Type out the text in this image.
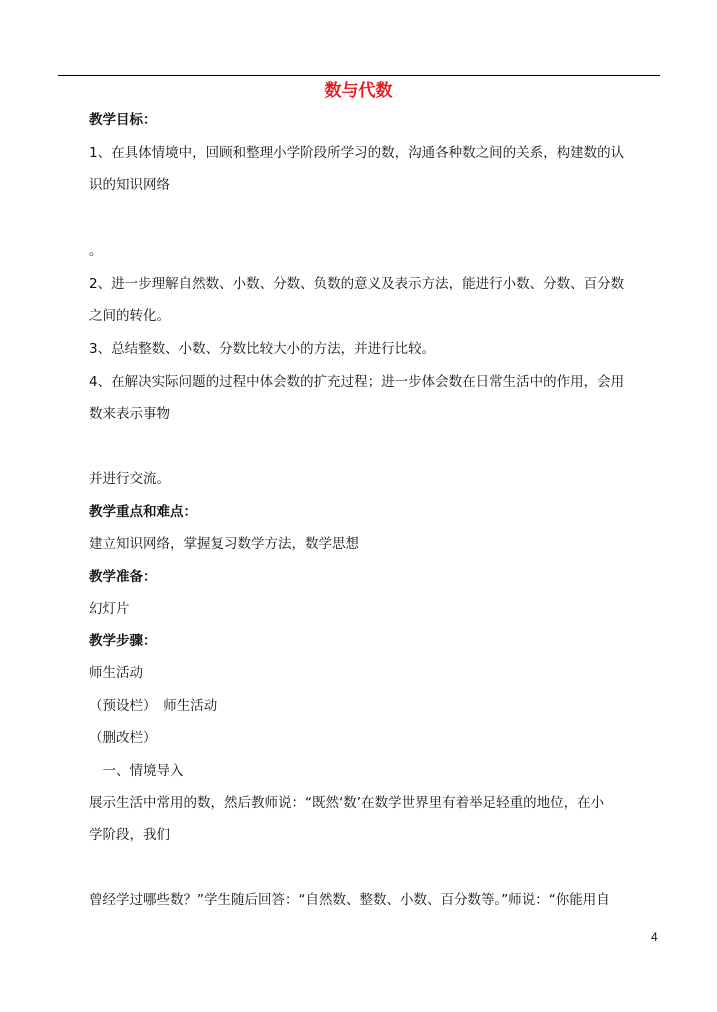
数与代数
教学目标：
1、在具体情境中，回顾和整理小学阶段所学习的数，沟通各种数之间的关系，构建数的认
识的知识网络
。
2、进一步理解自然数、小数、分数、负数的意义及表示方法，能进行小数、分数、百分数
之间的转化。
3、总结整数、小数、分数比较大小的方法，并进行比较。
4、在解决实际问题的过程中体会数的扩充过程；进一步体会数在日常生活中的作用，会用
数来表示事物
并进行交流。
教学重点和难点：
建立知识网络，掌握复习数学方法，数学思想
教学准备：
幻灯片
教学步骤：
师生活动
（预设栏）　师生活动
（删改栏）
　一、情境导入
展示生活中常用的数，然后教师说：“既然‘数’在数学世界里有着举足轻重的地位，在小
学阶段，我们
曾经学过哪些数？”学生随后回答：“自然数、整数、小数、百分数等。”师说：“你能用自
4
